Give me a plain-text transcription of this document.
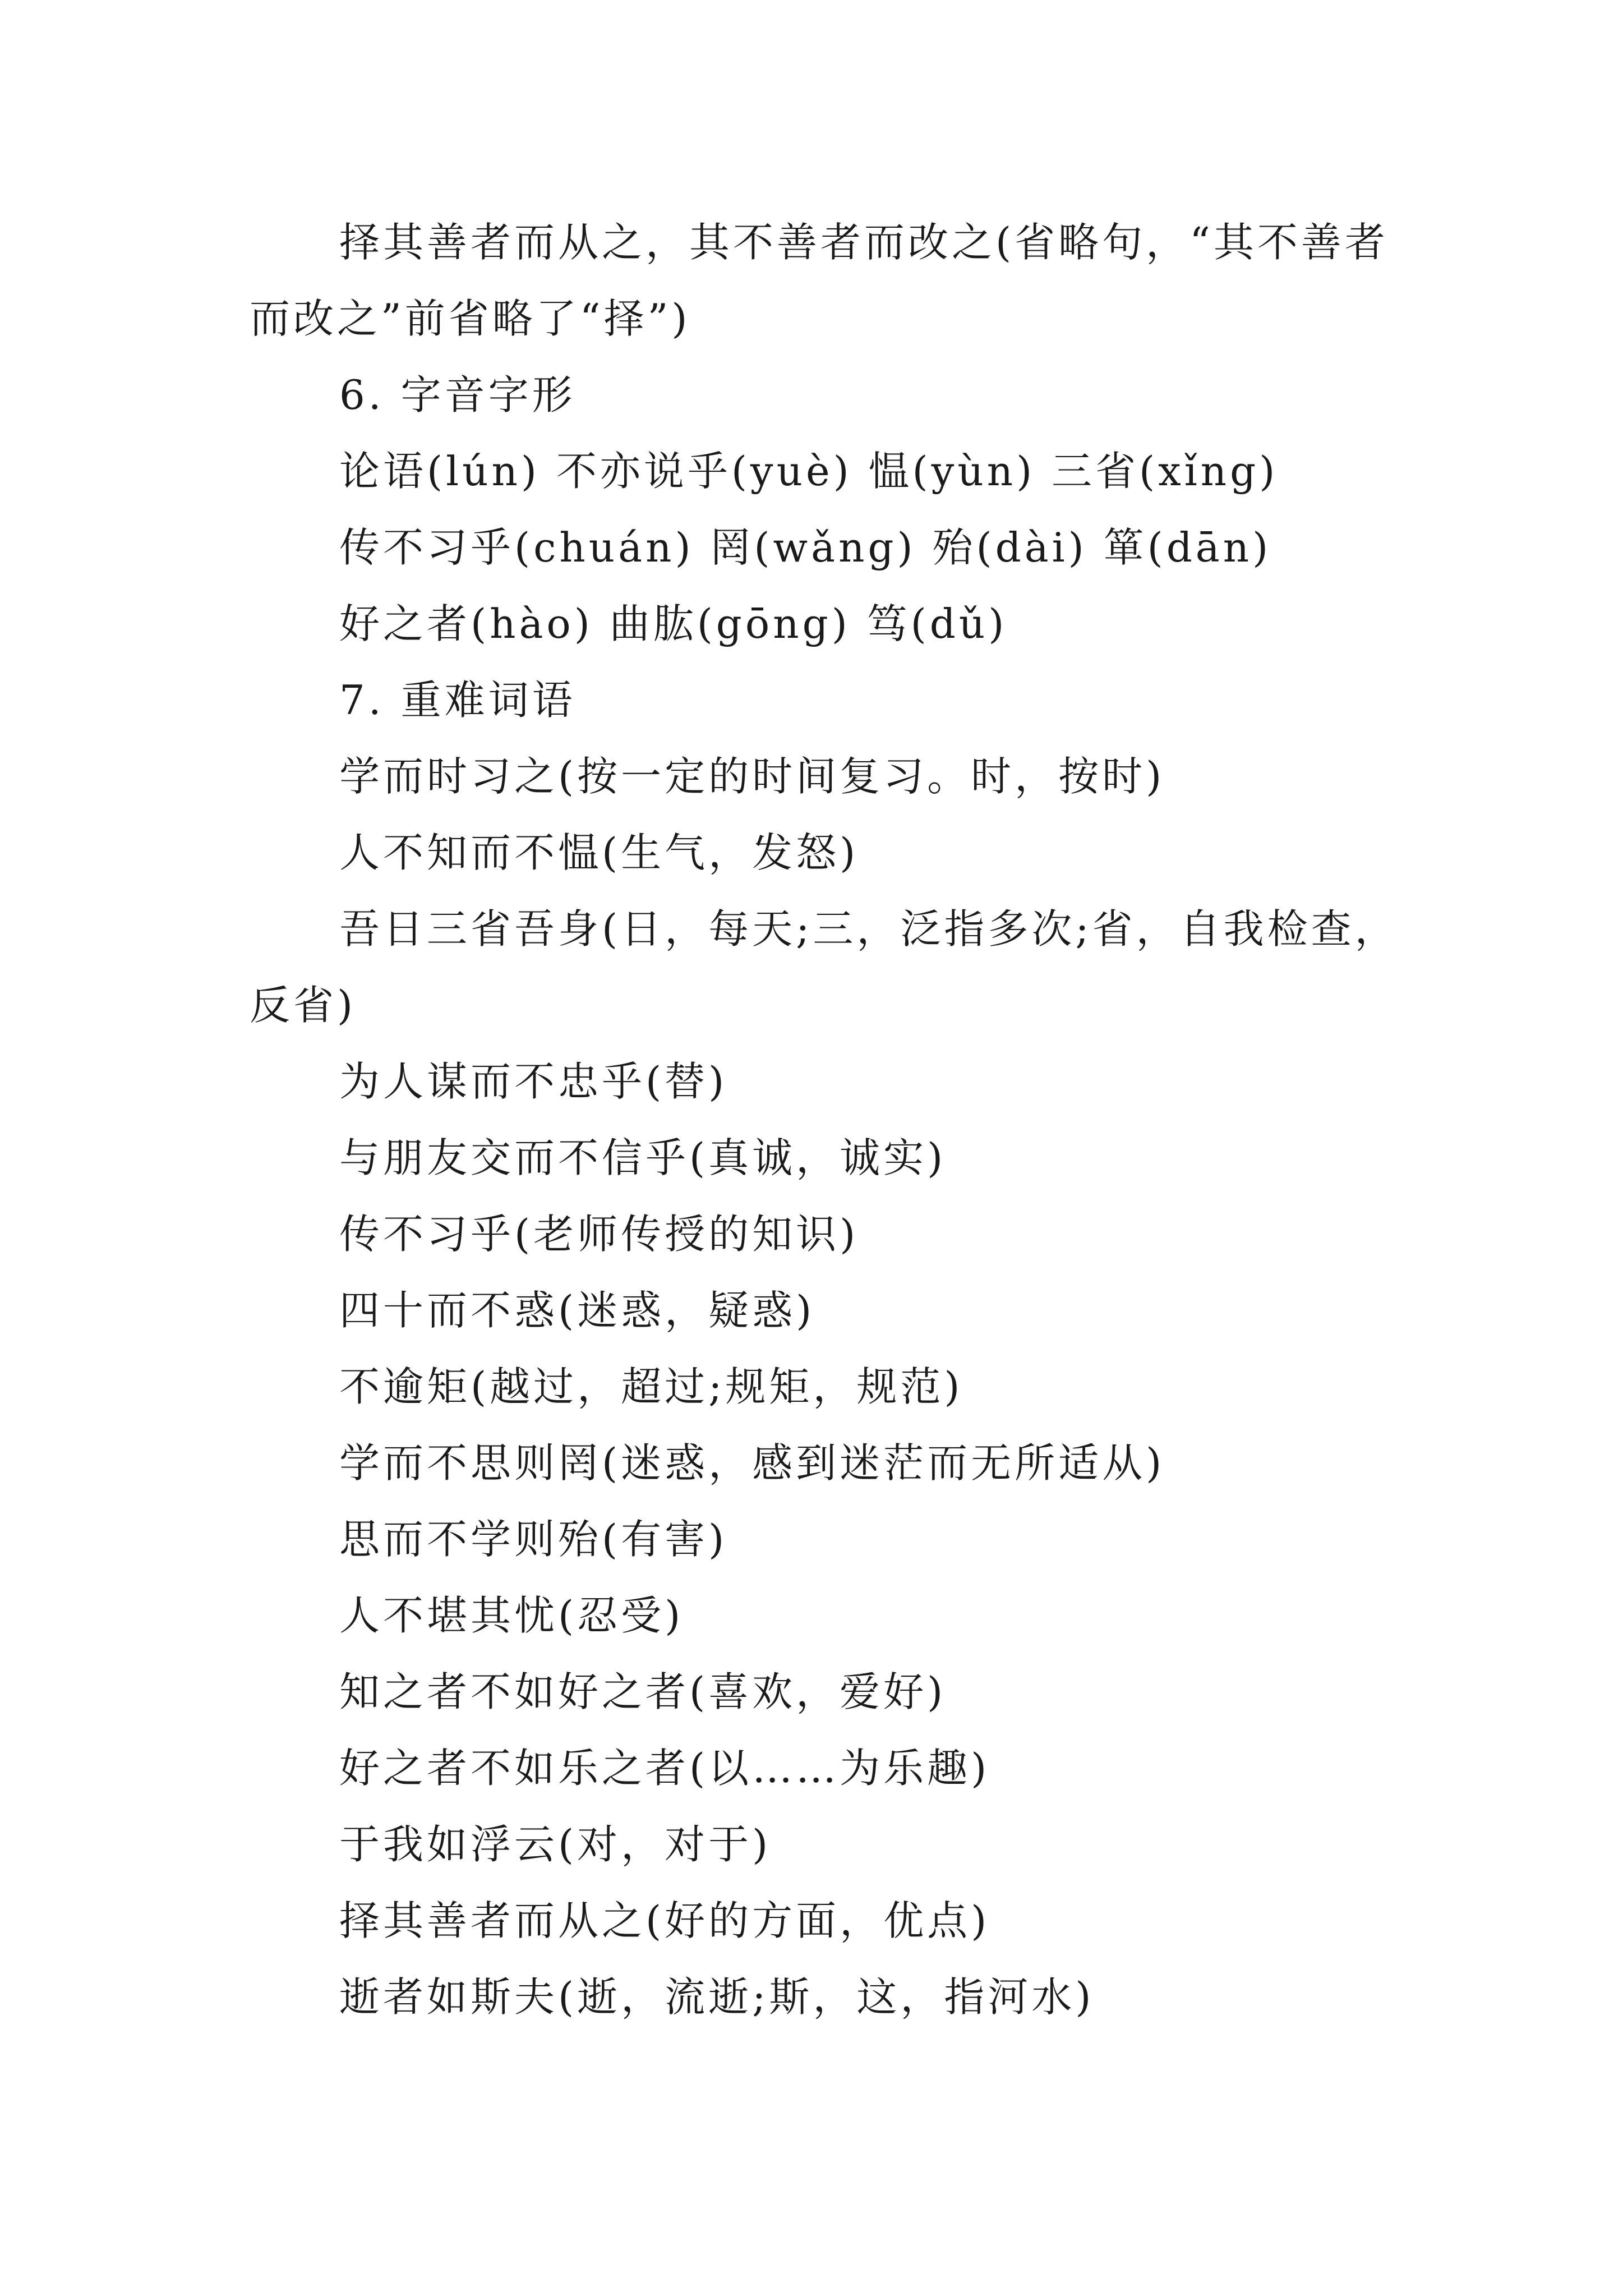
择其善者而从之，其不善者而改之(省略句，“其不善者
而改之”前省略了“择”)
6. 字音字形
论语(lún) 不亦说乎(yuè) 愠(yùn) 三省(xǐng)
传不习乎(chuán) 罔(wǎng) 殆(dài) 箪(dān)
好之者(hào) 曲肱(gōng) 笃(dǔ)
7. 重难词语
学而时习之(按一定的时间复习。时，按时)
人不知而不愠(生气，发怒)
吾日三省吾身(日，每天;三，泛指多次;省，自我检查，
反省)
为人谋而不忠乎(替)
与朋友交而不信乎(真诚，诚实)
传不习乎(老师传授的知识)
四十而不惑(迷惑，疑惑)
不逾矩(越过，超过;规矩，规范)
学而不思则罔(迷惑，感到迷茫而无所适从)
思而不学则殆(有害)
人不堪其忧(忍受)
知之者不如好之者(喜欢，爱好)
好之者不如乐之者(以……为乐趣)
于我如浮云(对，对于)
择其善者而从之(好的方面，优点)
逝者如斯夫(逝，流逝;斯，这，指河水)
